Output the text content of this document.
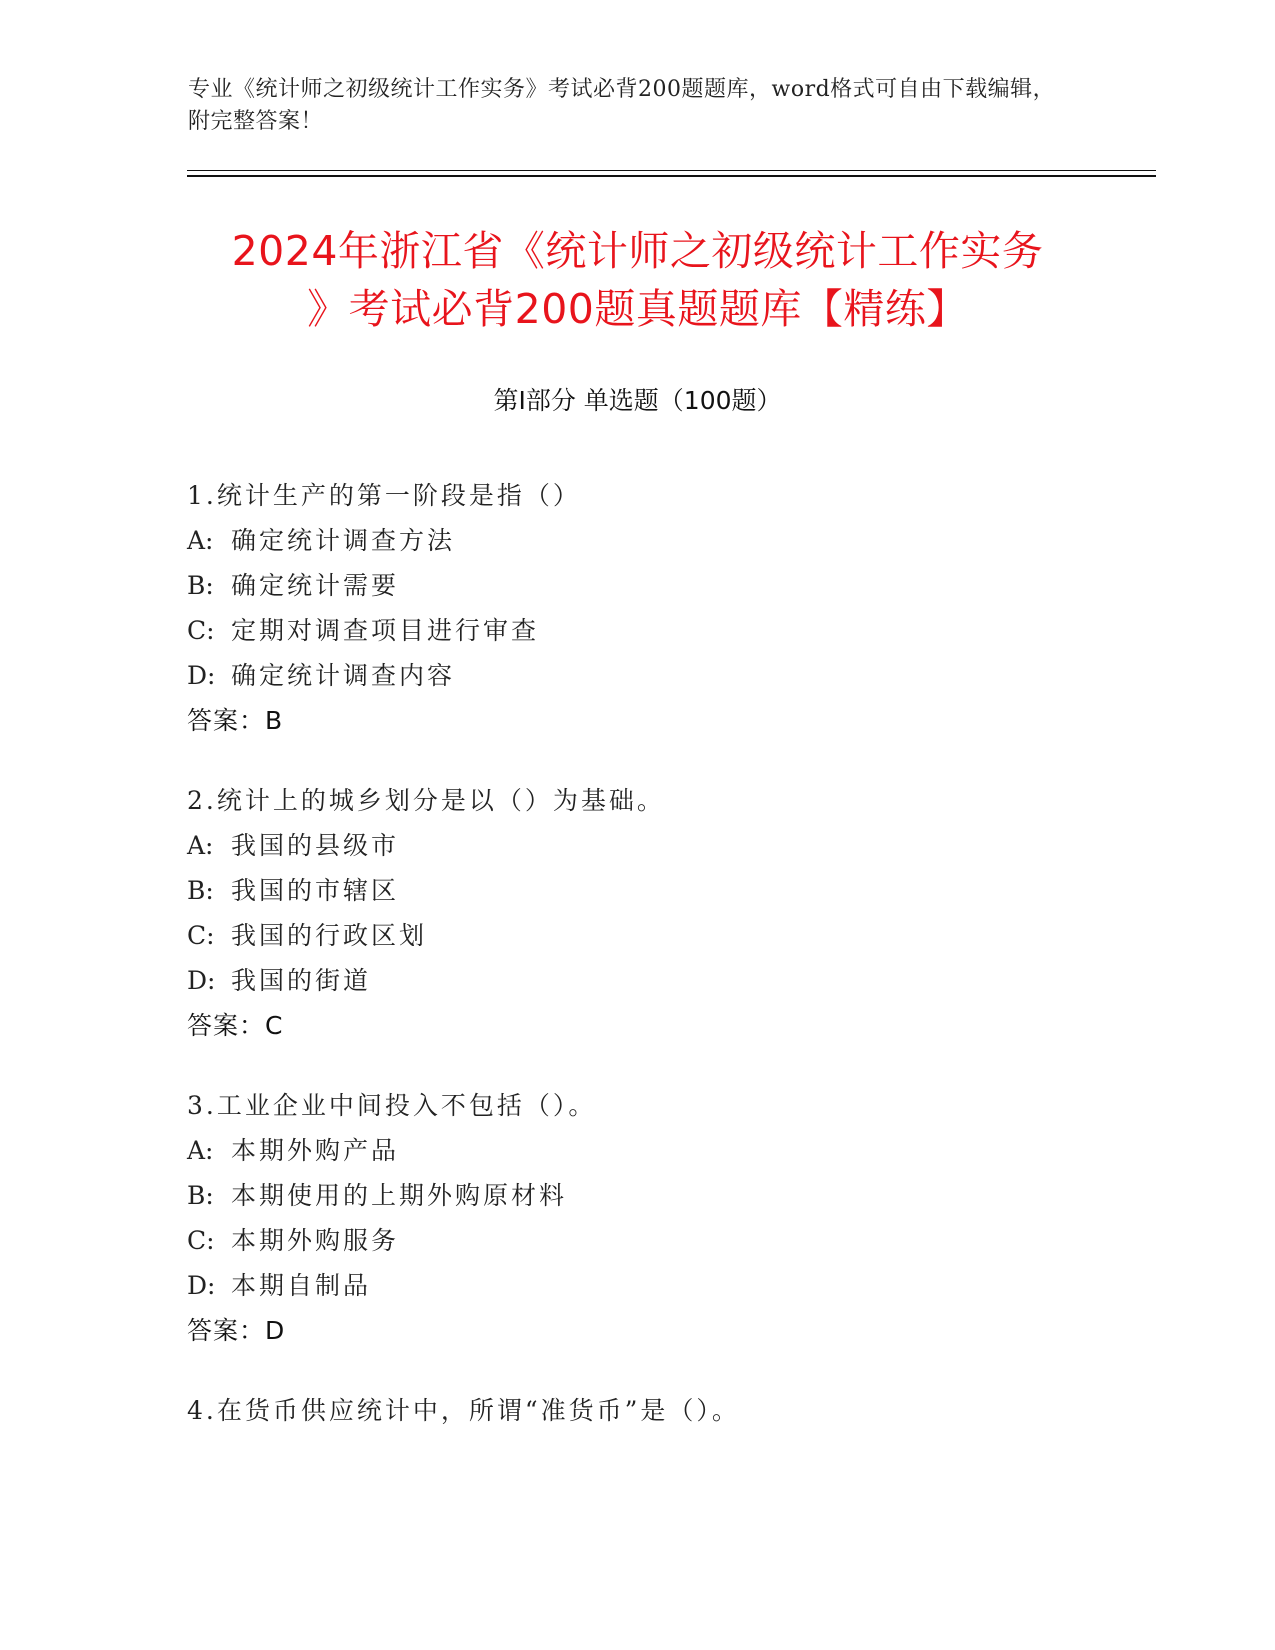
专业《统计师之初级统计工作实务》考试必背200题题库，word格式可自由下载编辑，附完整答案！
2024年浙江省《统计师之初级统计工作实务
》考试必背200题真题题库【精练】
第I部分 单选题（100题）
1.统计生产的第一阶段是指（）
A: 确定统计调查方法
B: 确定统计需要
C: 定期对调查项目进行审查
D: 确定统计调查内容
答案：B
2.统计上的城乡划分是以（）为基础。
A: 我国的县级市
B: 我国的市辖区
C: 我国的行政区划
D: 我国的街道
答案：C
3.工业企业中间投入不包括（）。
A: 本期外购产品
B: 本期使用的上期外购原材料
C: 本期外购服务
D: 本期自制品
答案：D
4.在货币供应统计中，所谓“准货币”是（）。
